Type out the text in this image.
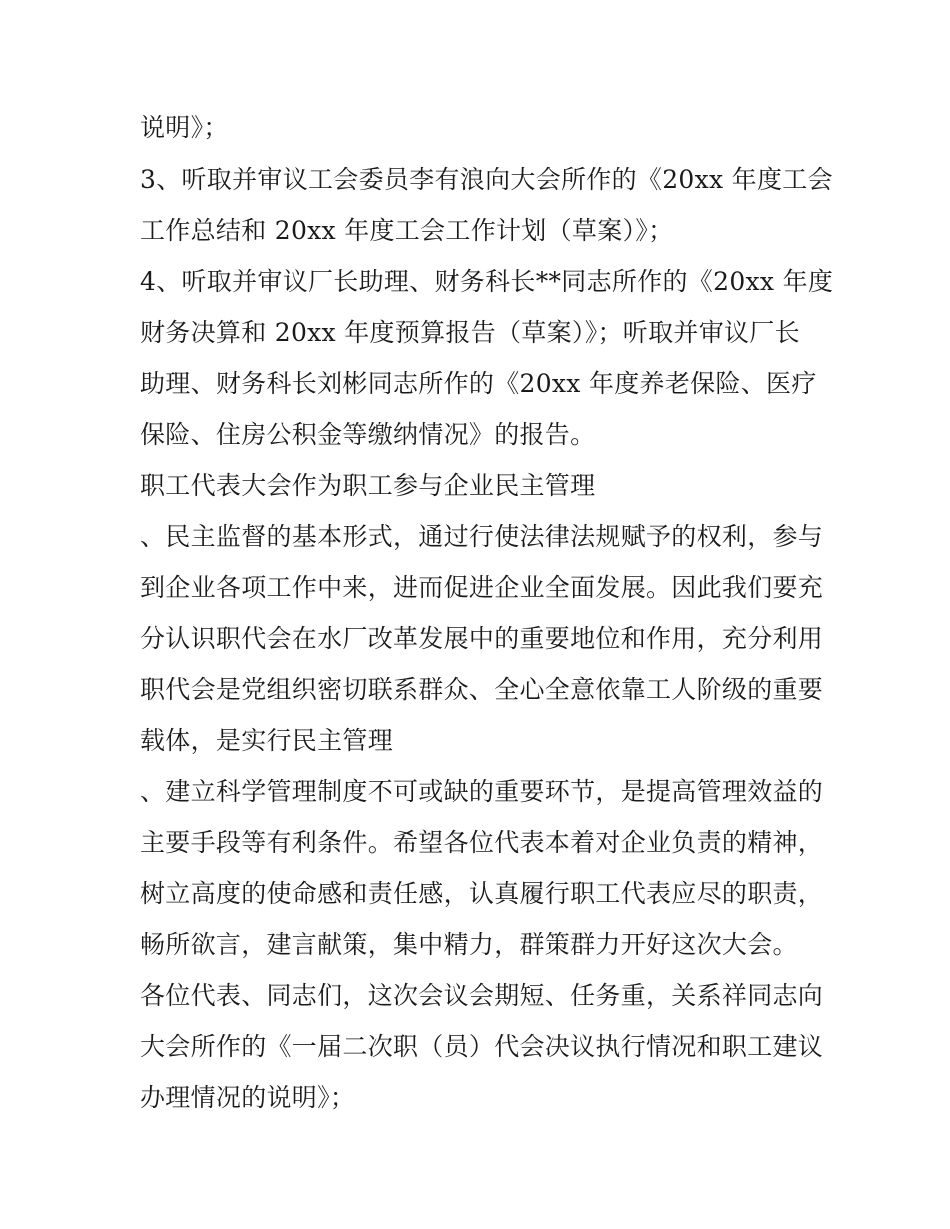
说明》；
3、听取并审议工会委员李有浪向大会所作的《20xx 年度工会
工作总结和 20xx 年度工会工作计划（草案）》；
4、听取并审议厂长助理、财务科长**同志所作的《20xx 年度
财务决算和 20xx 年度预算报告（草案）》；听取并审议厂长
助理、财务科长刘彬同志所作的《20xx 年度养老保险、医疗
保险、住房公积金等缴纳情况》的报告。
职工代表大会作为职工参与企业民主管理
、民主监督的基本形式，通过行使法律法规赋予的权利，参与
到企业各项工作中来，进而促进企业全面发展。因此我们要充
分认识职代会在水厂改革发展中的重要地位和作用，充分利用
职代会是党组织密切联系群众、全心全意依靠工人阶级的重要
载体，是实行民主管理
、建立科学管理制度不可或缺的重要环节，是提高管理效益的
主要手段等有利条件。希望各位代表本着对企业负责的精神，
树立高度的使命感和责任感，认真履行职工代表应尽的职责，
畅所欲言，建言献策，集中精力，群策群力开好这次大会。
各位代表、同志们，这次会议会期短、任务重，关系祥同志向
大会所作的《一届二次职（员）代会决议执行情况和职工建议
办理情况的说明》；
